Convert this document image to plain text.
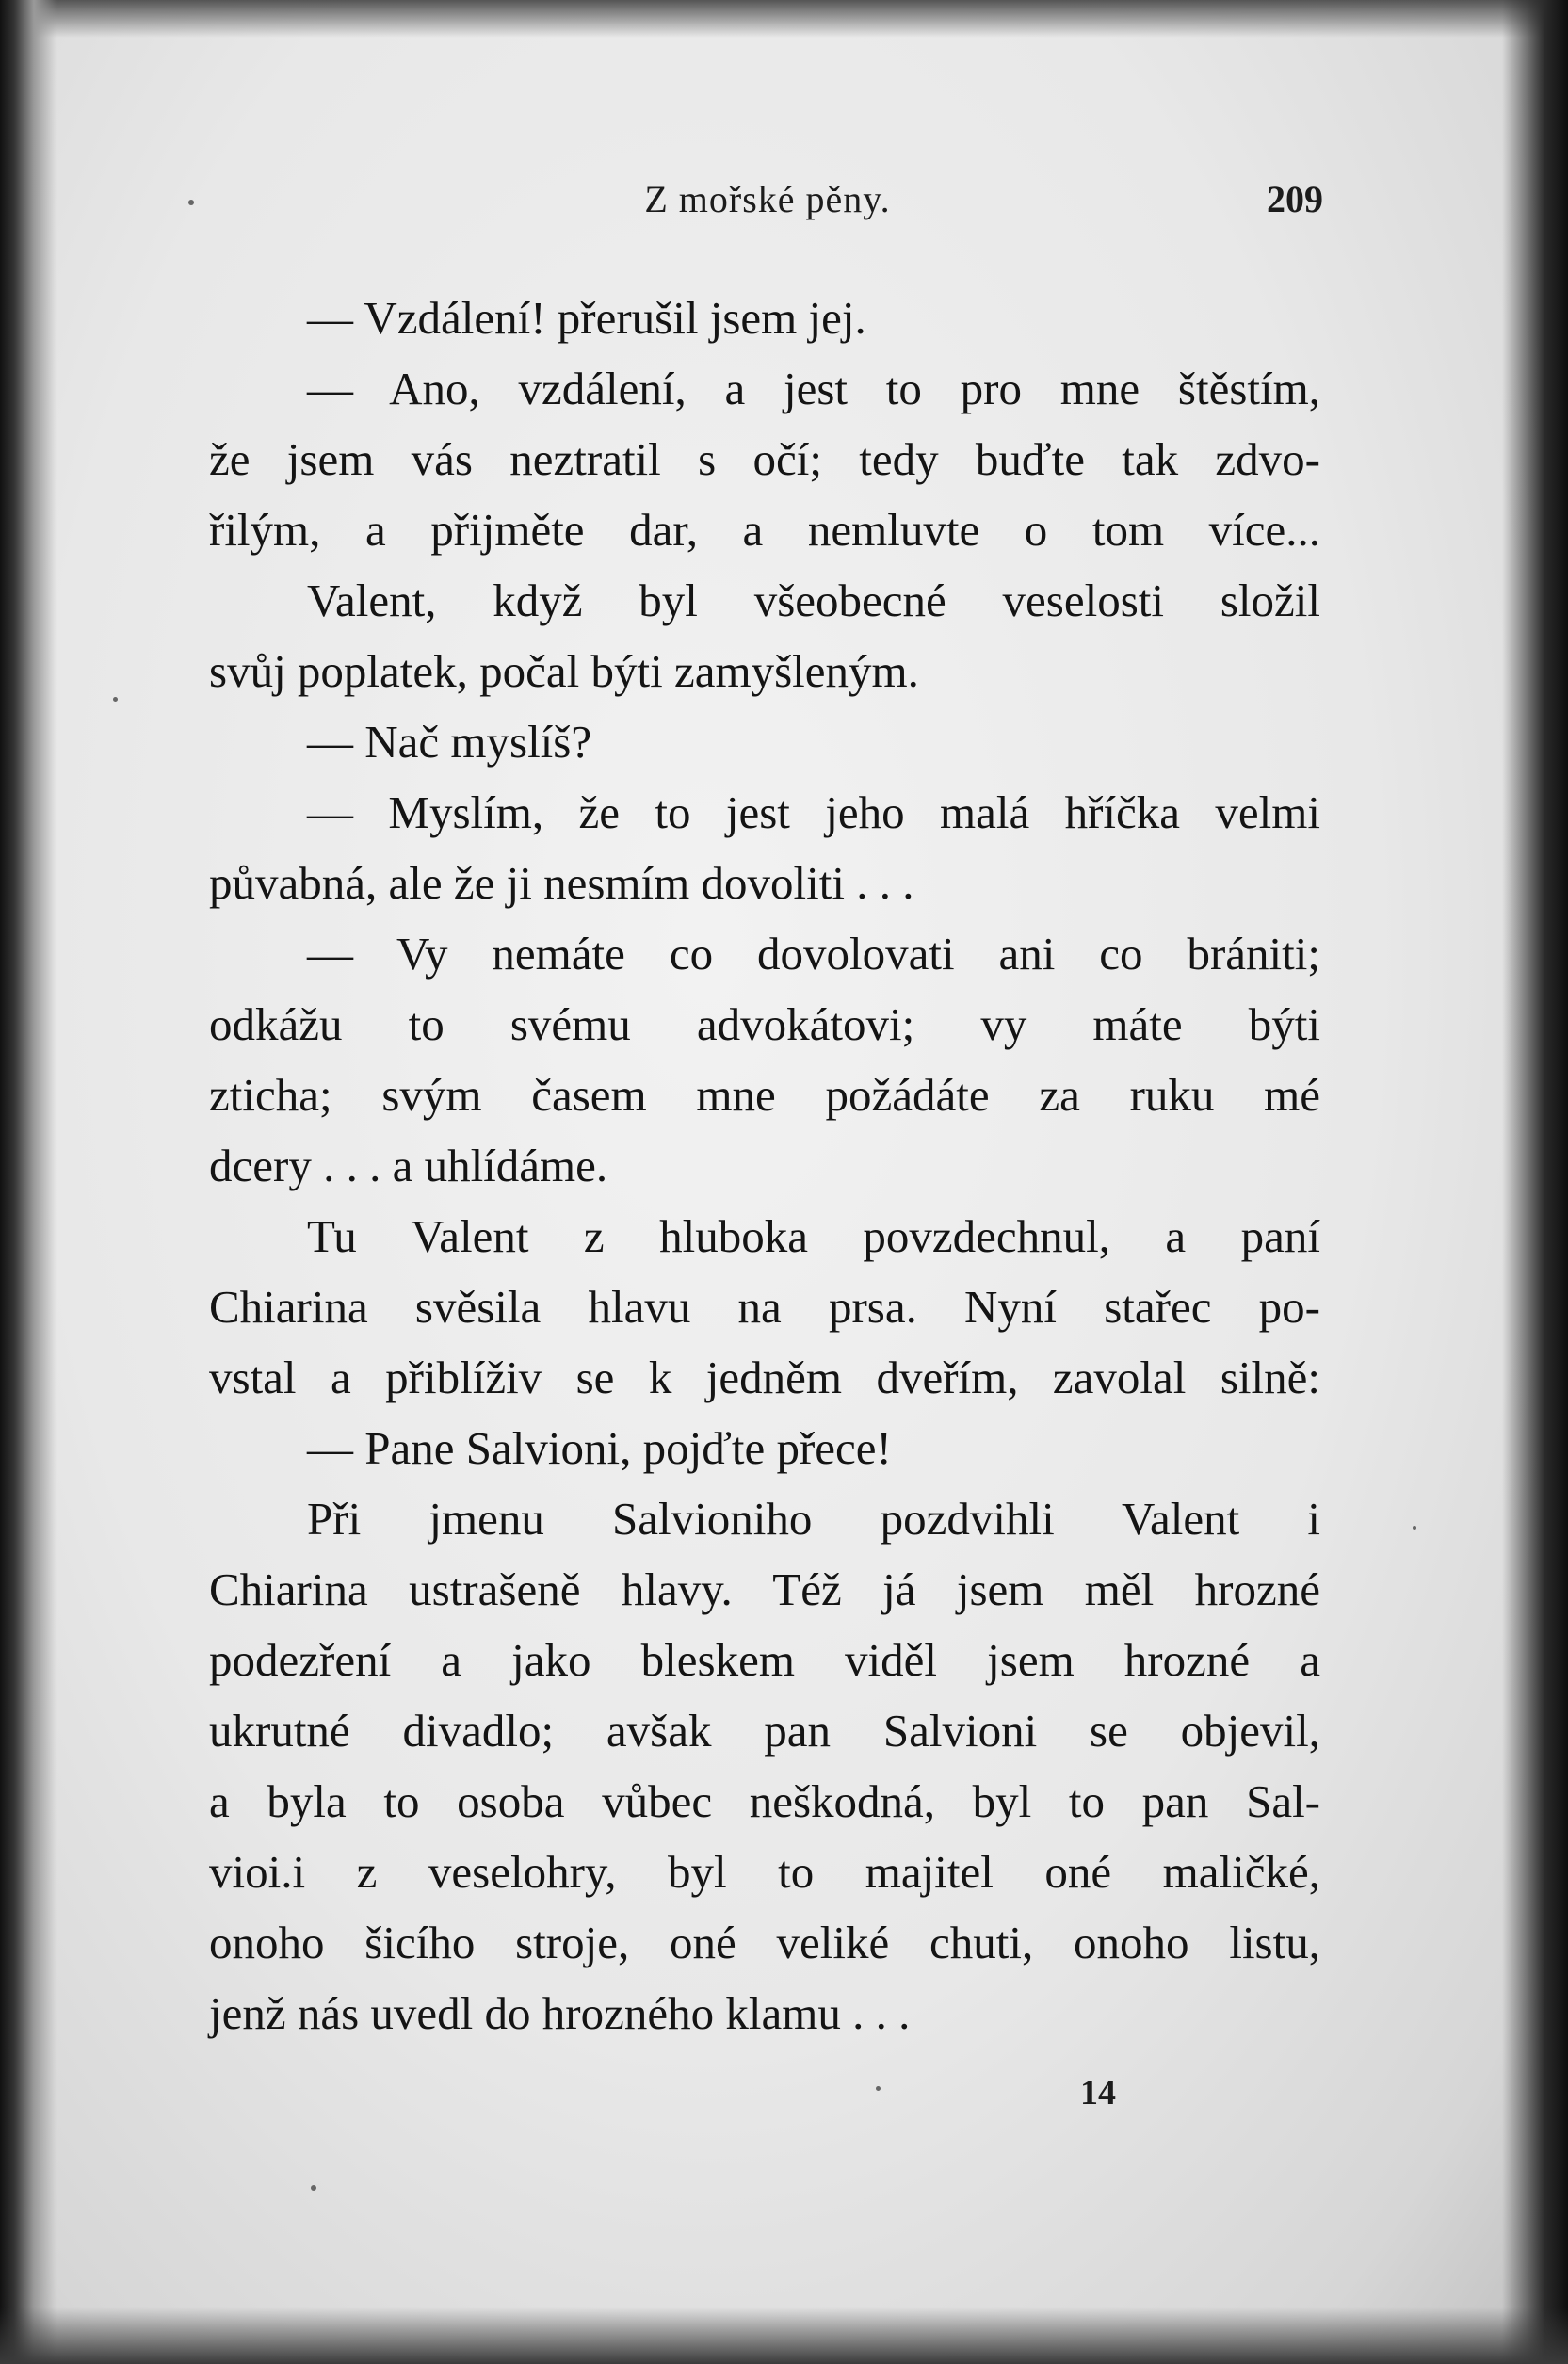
Z mořské pěny.	209
— Vzdálení! přerušil jsem jej.
— Ano, vzdálení, a jest to pro mne štěstím,
že jsem vás neztratil s očí; tedy buďte tak zdvo-
řilým, a přijměte dar, a nemluvte o tom více...
Valent, když byl všeobecné veselosti složil
svůj poplatek, počal býti zamyšleným.
— Nač myslíš?
— Myslím, že to jest jeho malá hříčka velmi
půvabná, ale že ji nesmím dovoliti . . .
— Vy nemáte co dovolovati ani co brániti;
odkážu to svému advokátovi; vy máte býti
zticha; svým časem mne požádáte za ruku mé
dcery . . . a uhlídáme.
Tu Valent z hluboka povzdechnul, a paní
Chiarina svěsila hlavu na prsa. Nyní stařec po-
vstal a přiblíživ se k jedněm dveřím, zavolal silně:
— Pane Salvioni, pojďte přece!
Při jmenu Salvioniho pozdvihli Valent i
Chiarina ustrašeně hlavy. Též já jsem měl hrozné
podezření a jako bleskem viděl jsem hrozné a
ukrutné divadlo; avšak pan Salvioni se objevil,
a byla to osoba vůbec neškodná, byl to pan Sal-
vioi.i z veselohry, byl to majitel oné maličké,
onoho šicího stroje, oné veliké chuti, onoho listu,
jenž nás uvedl do hrozného klamu . . .
14
